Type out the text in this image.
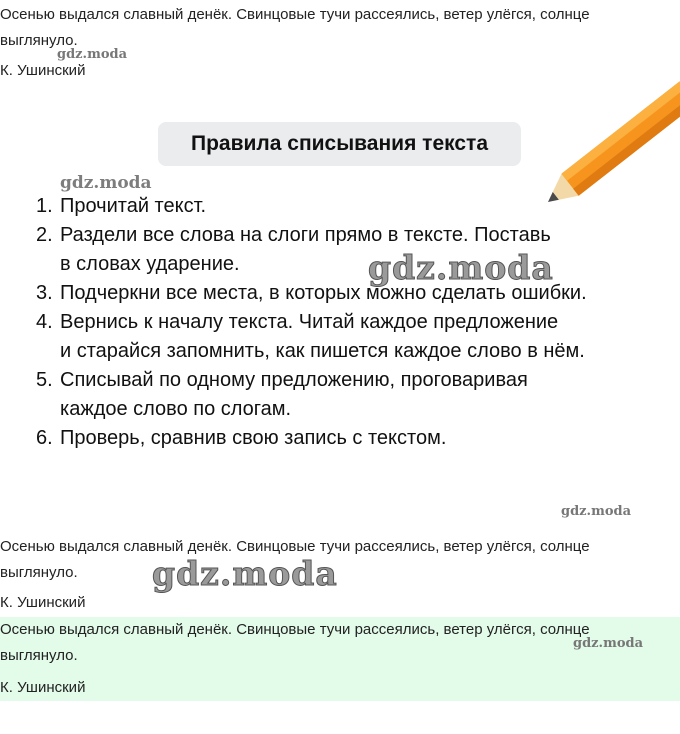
Осенью выдался славный денёк. Свинцовые тучи рассеялись, ветер улёгся, солнце выглянуло.
К. Ушинский
gdz.moda
Правила списывания текста
gdz.moda
1. Прочитай текст.
2. Раздели все слова на слоги прямо в тексте. Поставь
в словах ударение.
3. Подчеркни все места, в которых можно сделать ошибки.
4. Вернись к началу текста. Читай каждое предложение
и старайся запомнить, как пишется каждое слово в нём.
5. Списывай по одному предложению, проговаривая
каждое слово по слогам.
6. Проверь, сравнив свою запись с текстом.
gdz.moda
gdz.moda
Осенью выдался славный денёк. Свинцовые тучи рассеялись, ветер улёгся, солнце выглянуло.
К. Ушинский
gdz.moda
Осенью выдался славный денёк. Свинцовые тучи рассеялись, ветер улёгся, солнце выглянуло.
К. Ушинский
gdz.moda
